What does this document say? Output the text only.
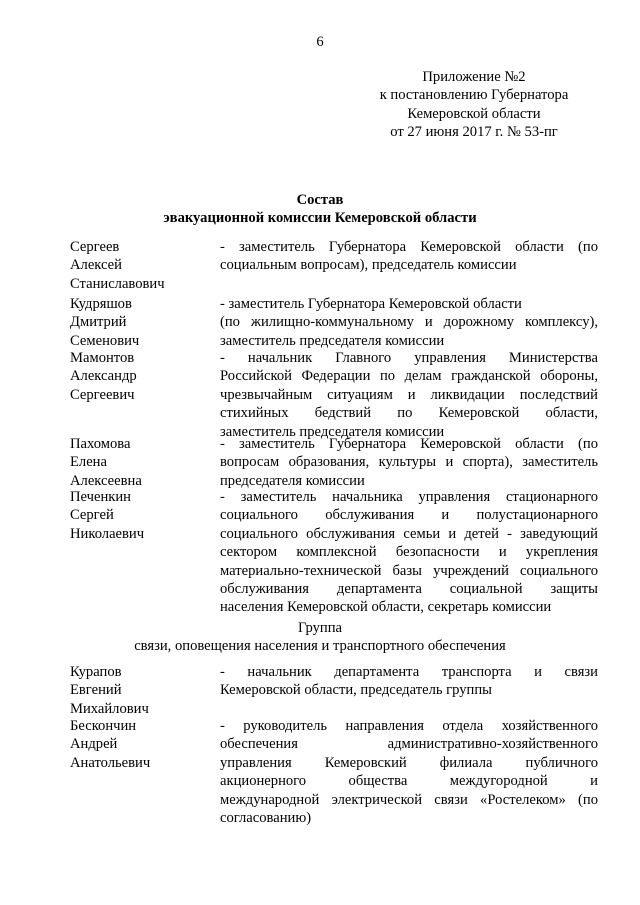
6
Приложение №2
к постановлению Губернатора
Кемеровской области
от 27 июня 2017 г. № 53-пг
Состав
эвакуационной комиссии Кемеровской области
Сергеев
Алексей
Станиславович
- заместитель Губернатора Кемеровской области (по
социальным вопросам), председатель комиссии
Кудряшов
Дмитрий
Семенович
- заместитель Губернатора Кемеровской области
(по жилищно-коммунальному и дорожному комплексу),
заместитель председателя комиссии
Мамонтов
Александр
Сергеевич
- начальник Главного управления Министерства
Российской Федерации по делам гражданской обороны,
чрезвычайным ситуациям и ликвидации последствий
стихийных бедствий по Кемеровской области,
заместитель председателя комиссии
Пахомова
Елена
Алексеевна
- заместитель Губернатора Кемеровской области (по
вопросам образования, культуры и спорта), заместитель
председателя комиссии
Печенкин
Сергей
Николаевич
- заместитель начальника управления стационарного
социального обслуживания и полустационарного
социального обслуживания семьи и детей - заведующий
сектором комплексной безопасности и укрепления
материально-технической базы учреждений социального
обслуживания департамента социальной защиты
населения Кемеровской области, секретарь комиссии
Группа
связи, оповещения населения и транспортного обеспечения
Курапов
Евгений
Михайлович
- начальник департамента транспорта и связи
Кемеровской области, председатель группы
Бескончин
Андрей
Анатольевич
- руководитель направления отдела хозяйственного
обеспечения административно-хозяйственного
управления Кемеровский филиала публичного
акционерного общества междугородной и
международной электрической связи «Ростелеком» (по
согласованию)
